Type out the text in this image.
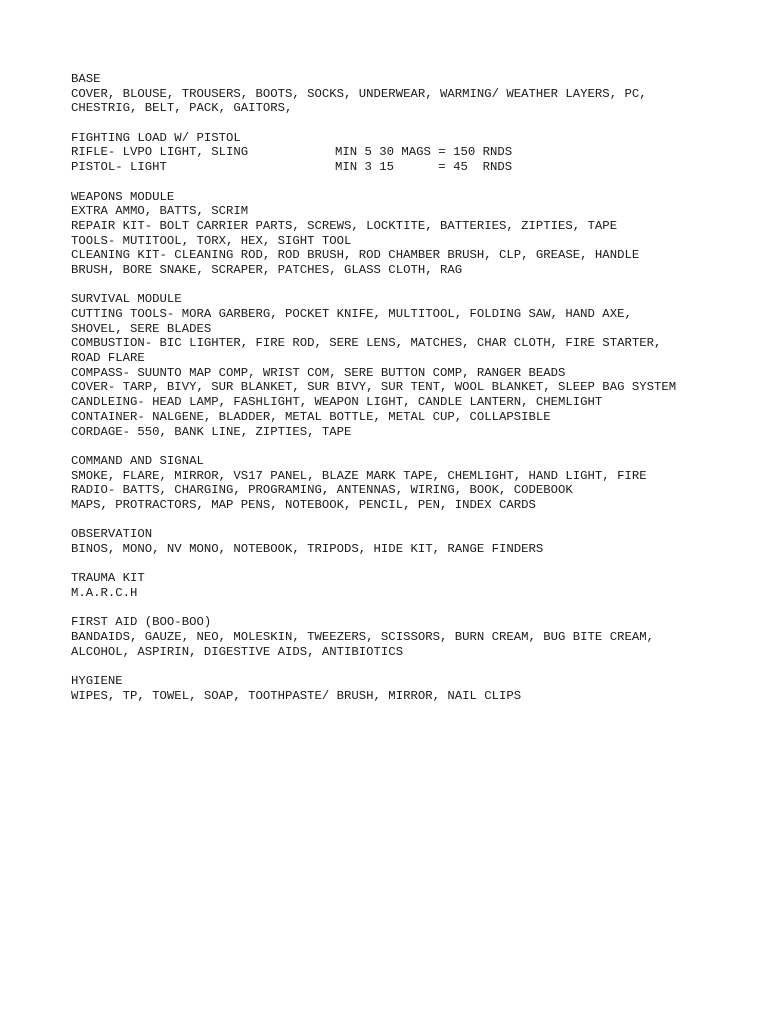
BASE
COVER, BLOUSE, TROUSERS, BOOTS, SOCKS, UNDERWEAR, WARMING/ WEATHER LAYERS, PC,
CHESTRIG, BELT, PACK, GAITORS,
FIGHTING LOAD W/ PISTOL
RIFLE- LVPO LIGHT, SLING	MIN 5 30 MAGS = 150 RNDS
PISTOL- LIGHT	MIN 3 15      = 45  RNDS
WEAPONS MODULE
EXTRA AMMO, BATTS, SCRIM
REPAIR KIT- BOLT CARRIER PARTS, SCREWS, LOCKTITE, BATTERIES, ZIPTIES, TAPE
TOOLS- MUTITOOL, TORX, HEX, SIGHT TOOL
CLEANING KIT- CLEANING ROD, ROD BRUSH, ROD CHAMBER BRUSH, CLP, GREASE, HANDLE
BRUSH, BORE SNAKE, SCRAPER, PATCHES, GLASS CLOTH, RAG
SURVIVAL MODULE
CUTTING TOOLS- MORA GARBERG, POCKET KNIFE, MULTITOOL, FOLDING SAW, HAND AXE,
SHOVEL, SERE BLADES
COMBUSTION- BIC LIGHTER, FIRE ROD, SERE LENS, MATCHES, CHAR CLOTH, FIRE STARTER,
ROAD FLARE
COMPASS- SUUNTO MAP COMP, WRIST COM, SERE BUTTON COMP, RANGER BEADS
COVER- TARP, BIVY, SUR BLANKET, SUR BIVY, SUR TENT, WOOL BLANKET, SLEEP BAG SYSTEM
CANDLEING- HEAD LAMP, FASHLIGHT, WEAPON LIGHT, CANDLE LANTERN, CHEMLIGHT
CONTAINER- NALGENE, BLADDER, METAL BOTTLE, METAL CUP, COLLAPSIBLE
CORDAGE- 550, BANK LINE, ZIPTIES, TAPE
COMMAND AND SIGNAL
SMOKE, FLARE, MIRROR, VS17 PANEL, BLAZE MARK TAPE, CHEMLIGHT, HAND LIGHT, FIRE
RADIO- BATTS, CHARGING, PROGRAMING, ANTENNAS, WIRING, BOOK, CODEBOOK
MAPS, PROTRACTORS, MAP PENS, NOTEBOOK, PENCIL, PEN, INDEX CARDS
OBSERVATION
BINOS, MONO, NV MONO, NOTEBOOK, TRIPODS, HIDE KIT, RANGE FINDERS
TRAUMA KIT
M.A.R.C.H
FIRST AID (BOO-BOO)
BANDAIDS, GAUZE, NEO, MOLESKIN, TWEEZERS, SCISSORS, BURN CREAM, BUG BITE CREAM,
ALCOHOL, ASPIRIN, DIGESTIVE AIDS, ANTIBIOTICS
HYGIENE
WIPES, TP, TOWEL, SOAP, TOOTHPASTE/ BRUSH, MIRROR, NAIL CLIPS
